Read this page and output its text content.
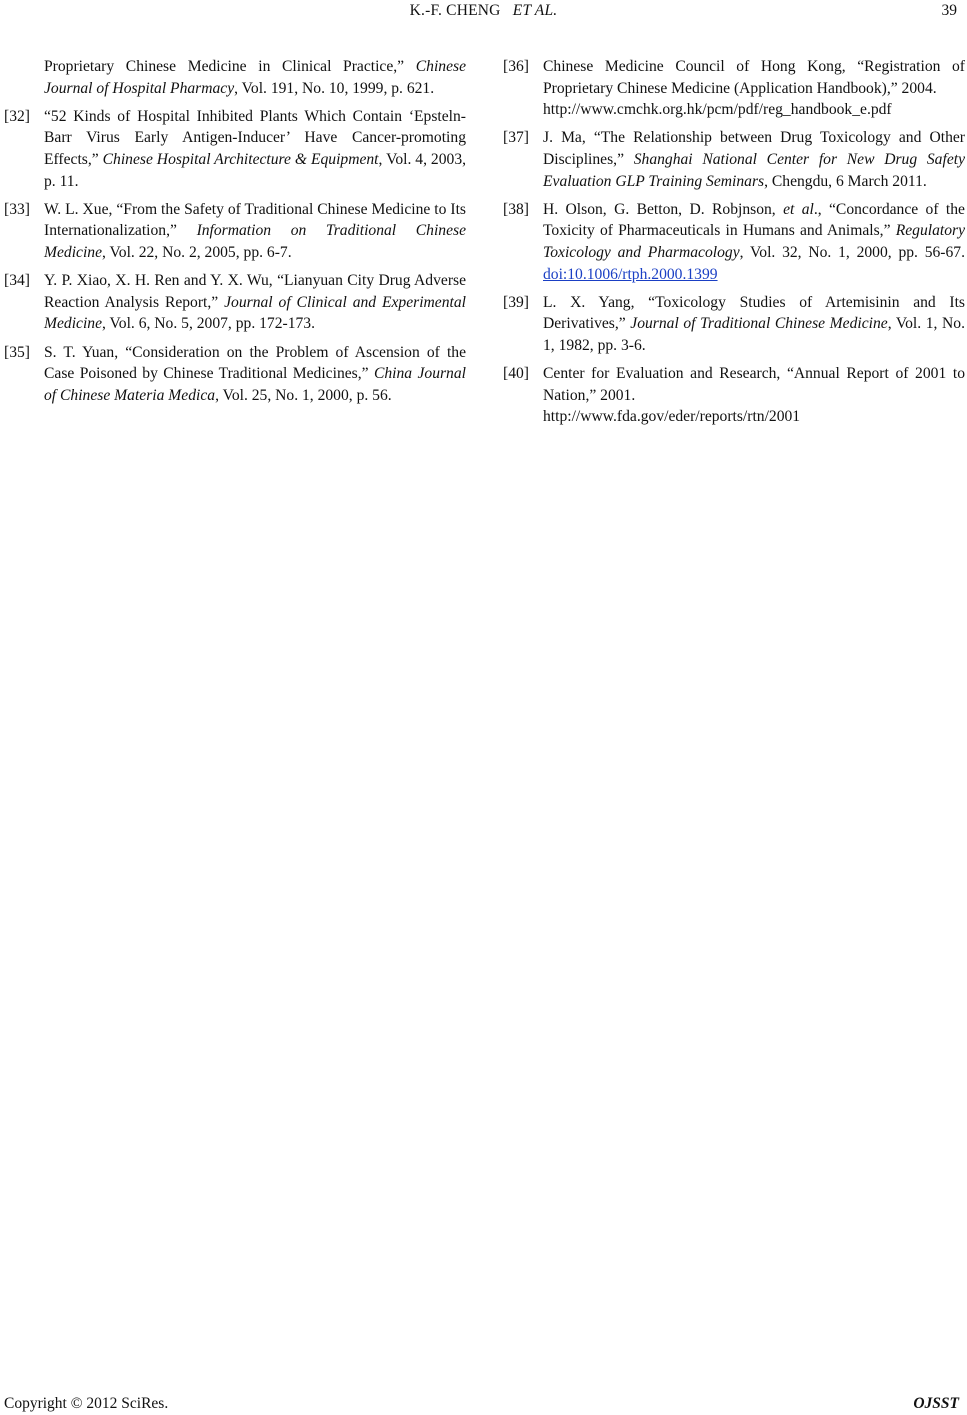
K.-F. CHENG ET AL.	39
Proprietary Chinese Medicine in Clinical Practice,” Chinese Journal of Hospital Pharmacy, Vol. 191, No. 10, 1999, p. 621.
[32] “52 Kinds of Hospital Inhibited Plants Which Contain ‘Epsteln-Barr Virus Early Antigen-Inducer’ Have Cancer-promoting Effects,” Chinese Hospital Architecture & Equipment, Vol. 4, 2003, p. 11.
[33] W. L. Xue, “From the Safety of Traditional Chinese Medicine to Its Internationalization,” Information on Traditional Chinese Medicine, Vol. 22, No. 2, 2005, pp. 6-7.
[34] Y. P. Xiao, X. H. Ren and Y. X. Wu, “Lianyuan City Drug Adverse Reaction Analysis Report,” Journal of Clinical and Experimental Medicine, Vol. 6, No. 5, 2007, pp. 172-173.
[35] S. T. Yuan, “Consideration on the Problem of Ascension of the Case Poisoned by Chinese Traditional Medicines,” China Journal of Chinese Materia Medica, Vol. 25, No. 1, 2000, p. 56.
[36] Chinese Medicine Council of Hong Kong, “Registration of Proprietary Chinese Medicine (Application Handbook),” 2004.
http://www.cmchk.org.hk/pcm/pdf/reg_handbook_e.pdf
[37] J. Ma, “The Relationship between Drug Toxicology and Other Disciplines,” Shanghai National Center for New Drug Safety Evaluation GLP Training Seminars, Chengdu, 6 March 2011.
[38] H. Olson, G. Betton, D. Robjnson, et al., “Concordance of the Toxicity of Pharmaceuticals in Humans and Animals,” Regulatory Toxicology and Pharmacology, Vol. 32, No. 1, 2000, pp. 56-67. doi:10.1006/rtph.2000.1399
[39] L. X. Yang, “Toxicology Studies of Artemisinin and Its Derivatives,” Journal of Traditional Chinese Medicine, Vol. 1, No. 1, 1982, pp. 3-6.
[40] Center for Evaluation and Research, “Annual Report of 2001 to Nation,” 2001.
http://www.fda.gov/eder/reports/rtn/2001
Copyright © 2012 SciRes.	OJSST
